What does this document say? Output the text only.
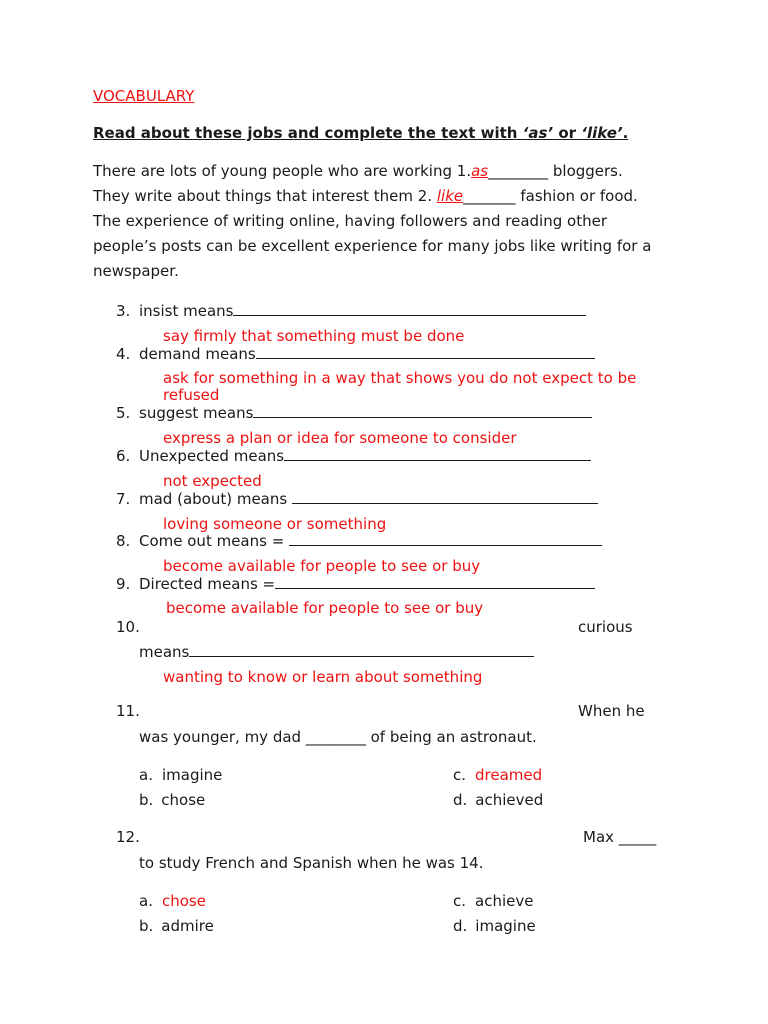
VOCABULARY
Read about these jobs and complete the text with ‘as’ or ‘like’.
There are lots of young people who are working 1.as________ bloggers.
They write about things that interest them 2. like_______ fashion or food.
The experience of writing online, having followers and reading other
people’s posts can be excellent experience for many jobs like writing for a
newspaper.
3. insist means
say firmly that something must be done
4. demand means
ask for something in a way that shows you do not expect to be
refused
5. suggest means
express a plan or idea for someone to consider
6. Unexpected means
not expected
7. mad (about) means
loving someone or something
8. Come out means =
become available for people to see or buy
9. Directed means =
become available for people to see or buy
10.	curious
means
wanting to know or learn about something
11.	When he
was younger, my dad ________ of being an astronaut.
a. imagine
b. chose
c. dreamed
d. achieved
12.	Max _____
to study French and Spanish when he was 14.
a. chose
b. admire
c. achieve
d. imagine
